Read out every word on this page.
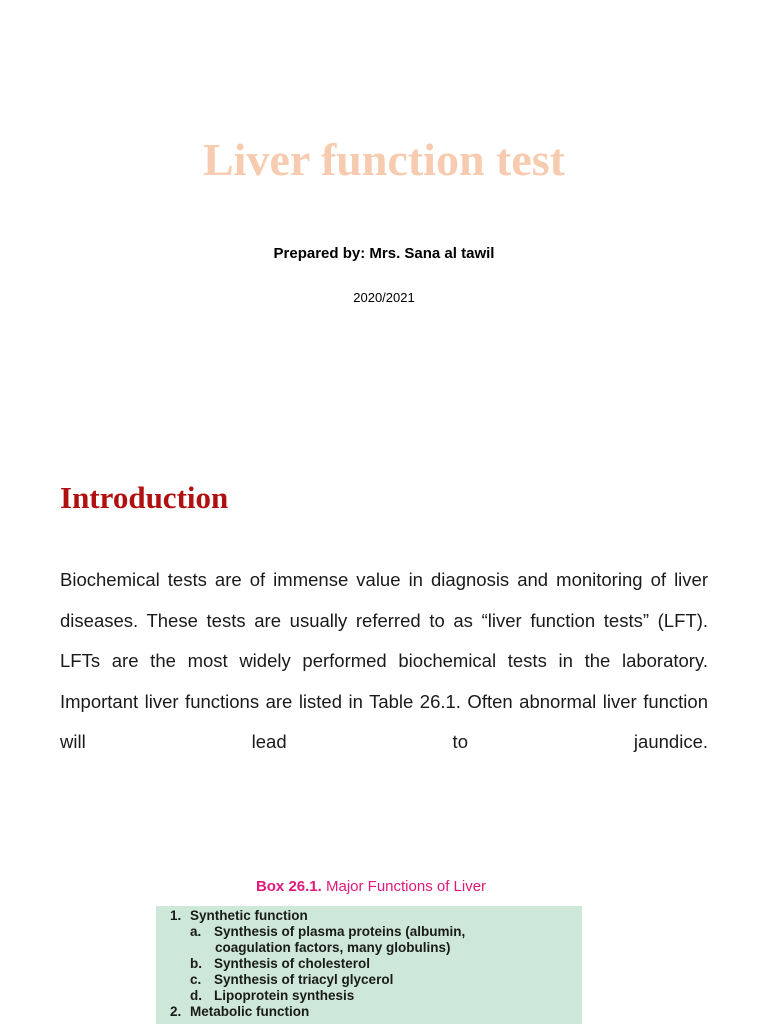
Liver function test
Prepared by: Mrs. Sana al tawil
2020/2021
Introduction

Biochemical tests are of immense value in diagnosis and monitoring of liver diseases. These tests are usually referred to as “liver function tests” (LFT). LFTs are the most widely performed biochemical tests in the laboratory. Important liver functions are listed in Table 26.1. Often abnormal liver function will lead to jaundice.

Box 26.1. Major Functions of Liver
1. Synthetic function
a. Synthesis of plasma proteins (albumin,
coagulation factors, many globulins)
b. Synthesis of cholesterol
c. Synthesis of triacyl glycerol
d. Lipoprotein synthesis
2. Metabolic function
